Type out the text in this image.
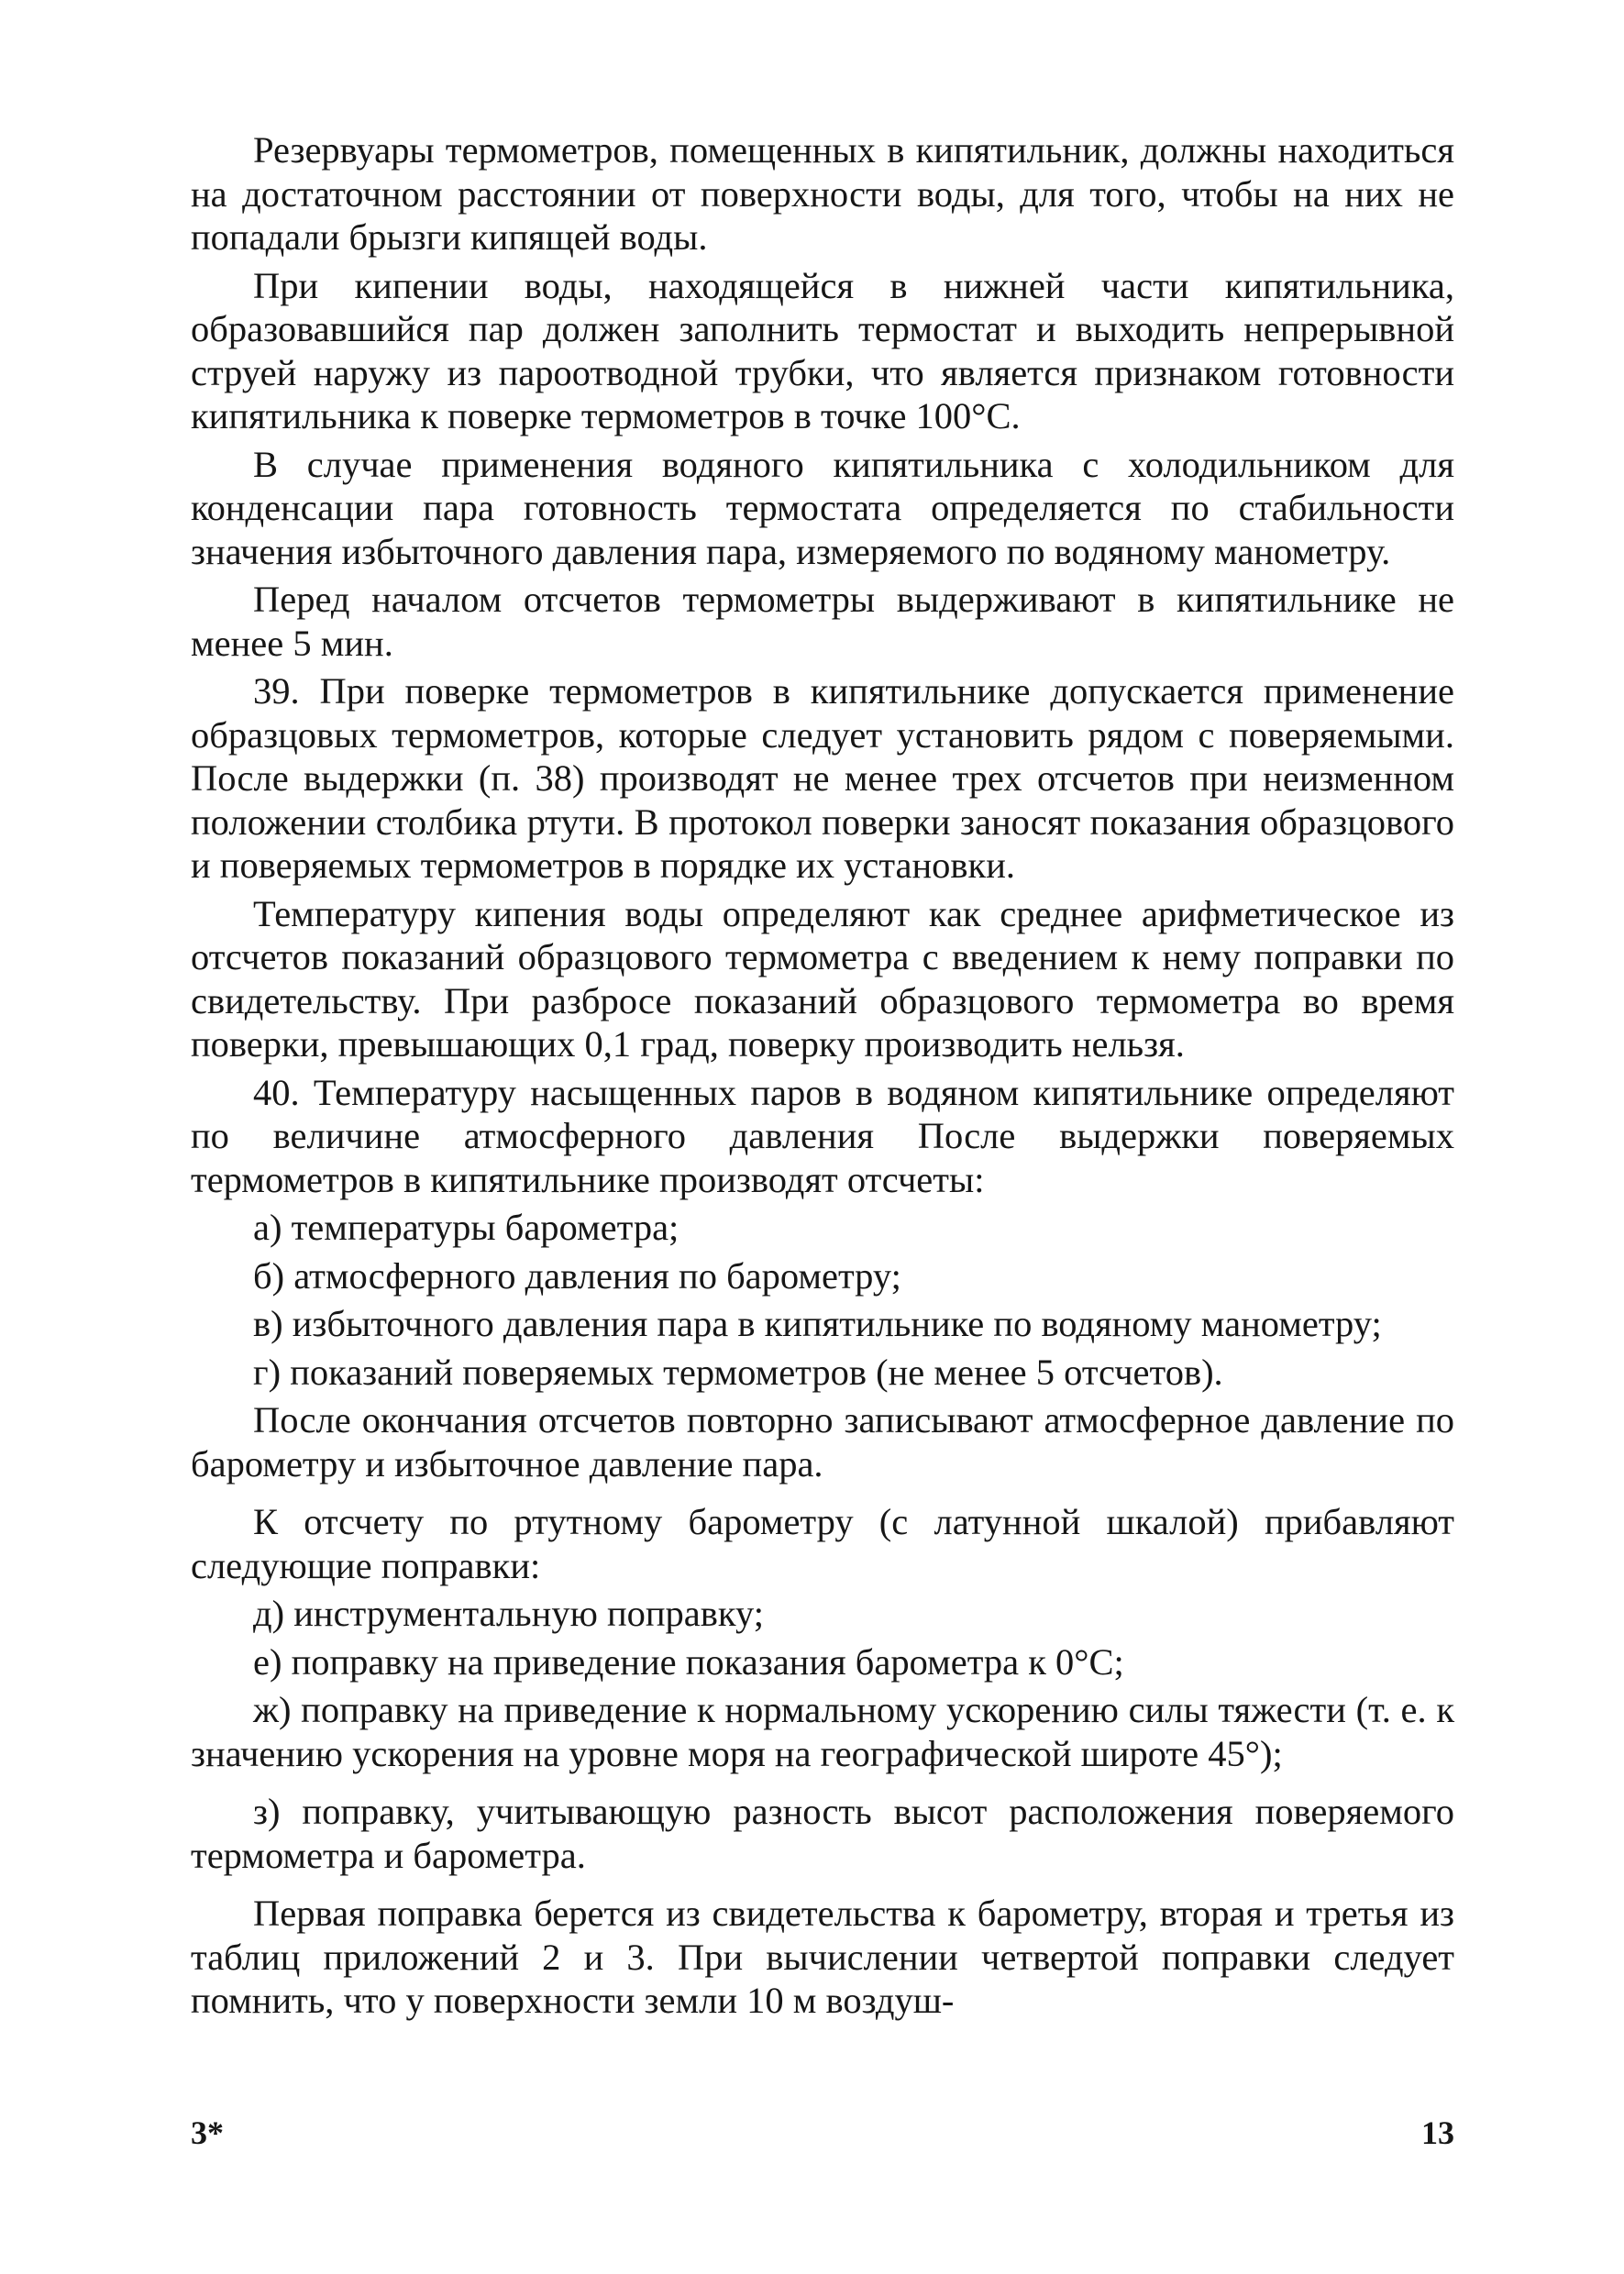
Резервуары термометров, помещенных в кипятильник, должны находиться на достаточном расстоянии от поверхности воды, для того, чтобы на них не попадали брызги кипящей воды.

При кипении воды, находящейся в нижней части кипятильника, образовавшийся пар должен заполнить термостат и выходить непрерывной струей наружу из пароотводной трубки, что является признаком готовности кипятильника к поверке термометров в точке 100°С.

В случае применения водяного кипятильника с холодильником для конденсации пара готовность термостата определяется по стабильности значения избыточного давления пара, измеряемого по водяному манометру.

Перед началом отсчетов термометры выдерживают в кипятильнике не менее 5 мин.

39. При поверке термометров в кипятильнике допускается применение образцовых термометров, которые следует установить рядом с поверяемыми. После выдержки (п. 38) производят не менее трех отсчетов при неизменном положении столбика ртути. В протокол поверки заносят показания образцового и поверяемых термометров в порядке их установки.

Температуру кипения воды определяют как среднее арифметическое из отсчетов показаний образцового термометра с введением к нему поправки по свидетельству. При разбросе показаний образцового термометра во время поверки, превышающих 0,1 град, поверку производить нельзя.

40. Температуру насыщенных паров в водяном кипятильнике определяют по величине атмосферного давления После выдержки поверяемых термометров в кипятильнике производят отсчеты:

а) температуры барометра;

б) атмосферного давления по барометру;

в) избыточного давления пара в кипятильнике по водяному манометру;

г) показаний поверяемых термометров (не менее 5 отсчетов).

После окончания отсчетов повторно записывают атмосферное давление по барометру и избыточное давление пара.

К отсчету по ртутному барометру (с латунной шкалой) прибавляют следующие поправки:

д) инструментальную поправку;

е) поправку на приведение показания барометра к 0°С;

ж) поправку на приведение к нормальному ускорению силы тяжести (т. е. к значению ускорения на уровне моря на географической широте 45°);

з) поправку, учитывающую разность высот расположения поверяемого термометра и барометра.

Первая поправка берется из свидетельства к барометру, вторая и третья из таблиц приложений 2 и 3. При вычислении четвертой поправки следует помнить, что у поверхности земли 10 м воздуш-

3*	13
